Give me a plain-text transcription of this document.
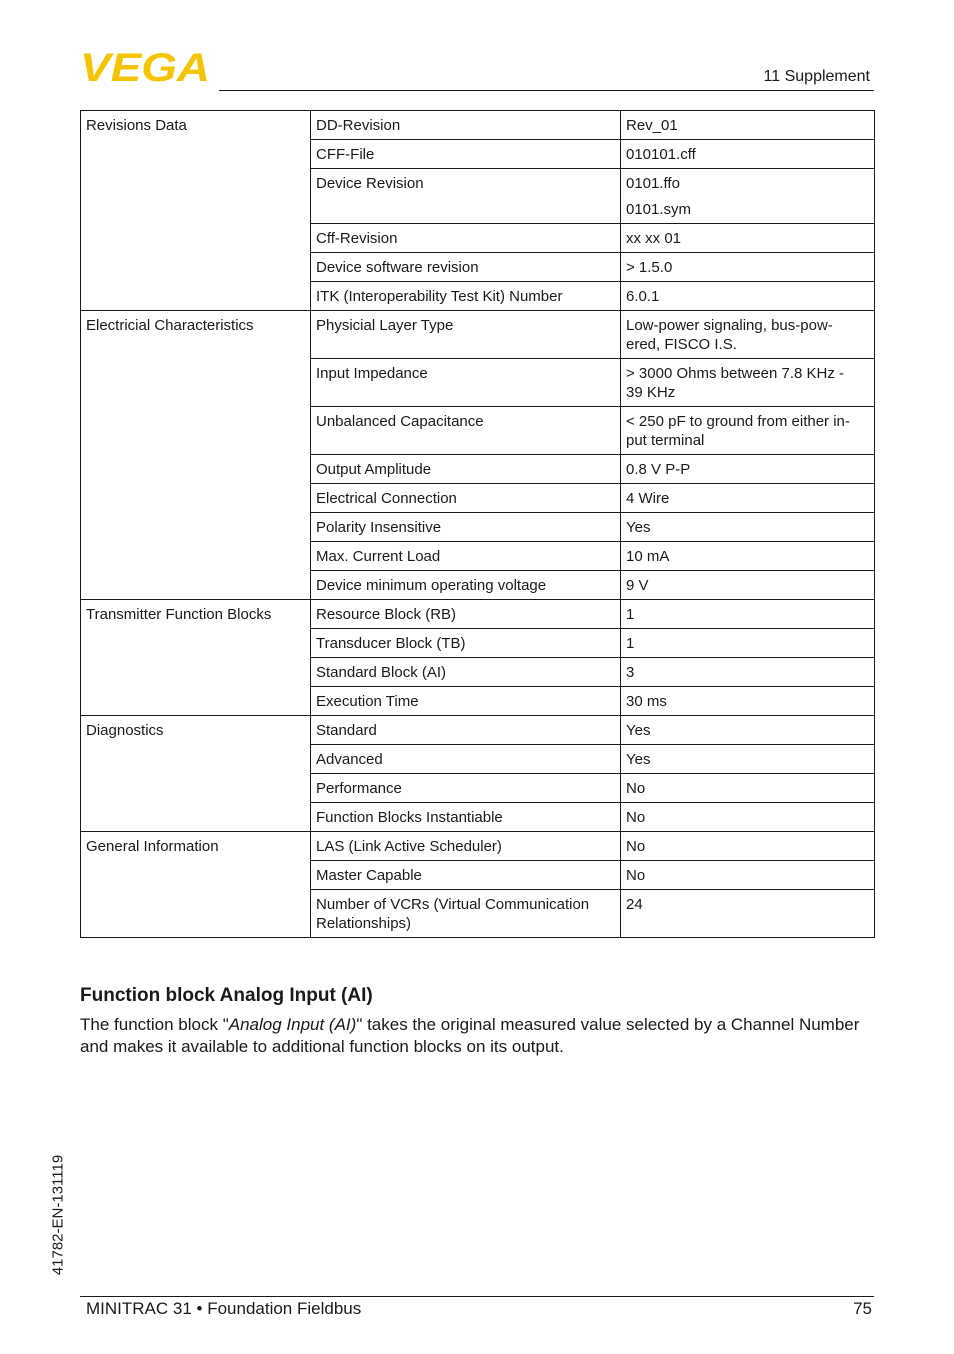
VEGA	11 Supplement
Revisions Data	DD-Revision	Rev_01

	CFF-File	010101.cff

	Device Revision	0101.ffo
0101.sym

	Cff-Revision	xx xx 01

	Device software revision	> 1.5.0

	ITK (Interoperability Test Kit) Number	6.0.1

Electricial Characteristics	Physicial Layer Type	Low-power signaling, bus-pow-
ered, FISCO I.S.

	Input Impedance	> 3000 Ohms between 7.8 KHz -
39 KHz

	Unbalanced Capacitance	< 250 pF to ground from either in-
put terminal

	Output Amplitude	0.8 V P-P

	Electrical Connection	4 Wire

	Polarity Insensitive	Yes

	Max. Current Load	10 mA

	Device minimum operating voltage	9 V

Transmitter Function Blocks	Resource Block (RB)	1

	Transducer Block (TB)	1

	Standard Block (AI)	3

	Execution Time	30 ms

Diagnostics	Standard	Yes

	Advanced	Yes

	Performance	No

	Function Blocks Instantiable	No

General Information	LAS (Link Active Scheduler)	No

	Master Capable	No

	Number of VCRs (Virtual Communication
Relationships)	24
Function block Analog Input (AI)

The function block "Analog Input (AI)" takes the original measured value selected by a Channel Number and makes it available to additional function blocks on its output.

41782-EN-131119
MINITRAC 31 • Foundation Fieldbus	75
